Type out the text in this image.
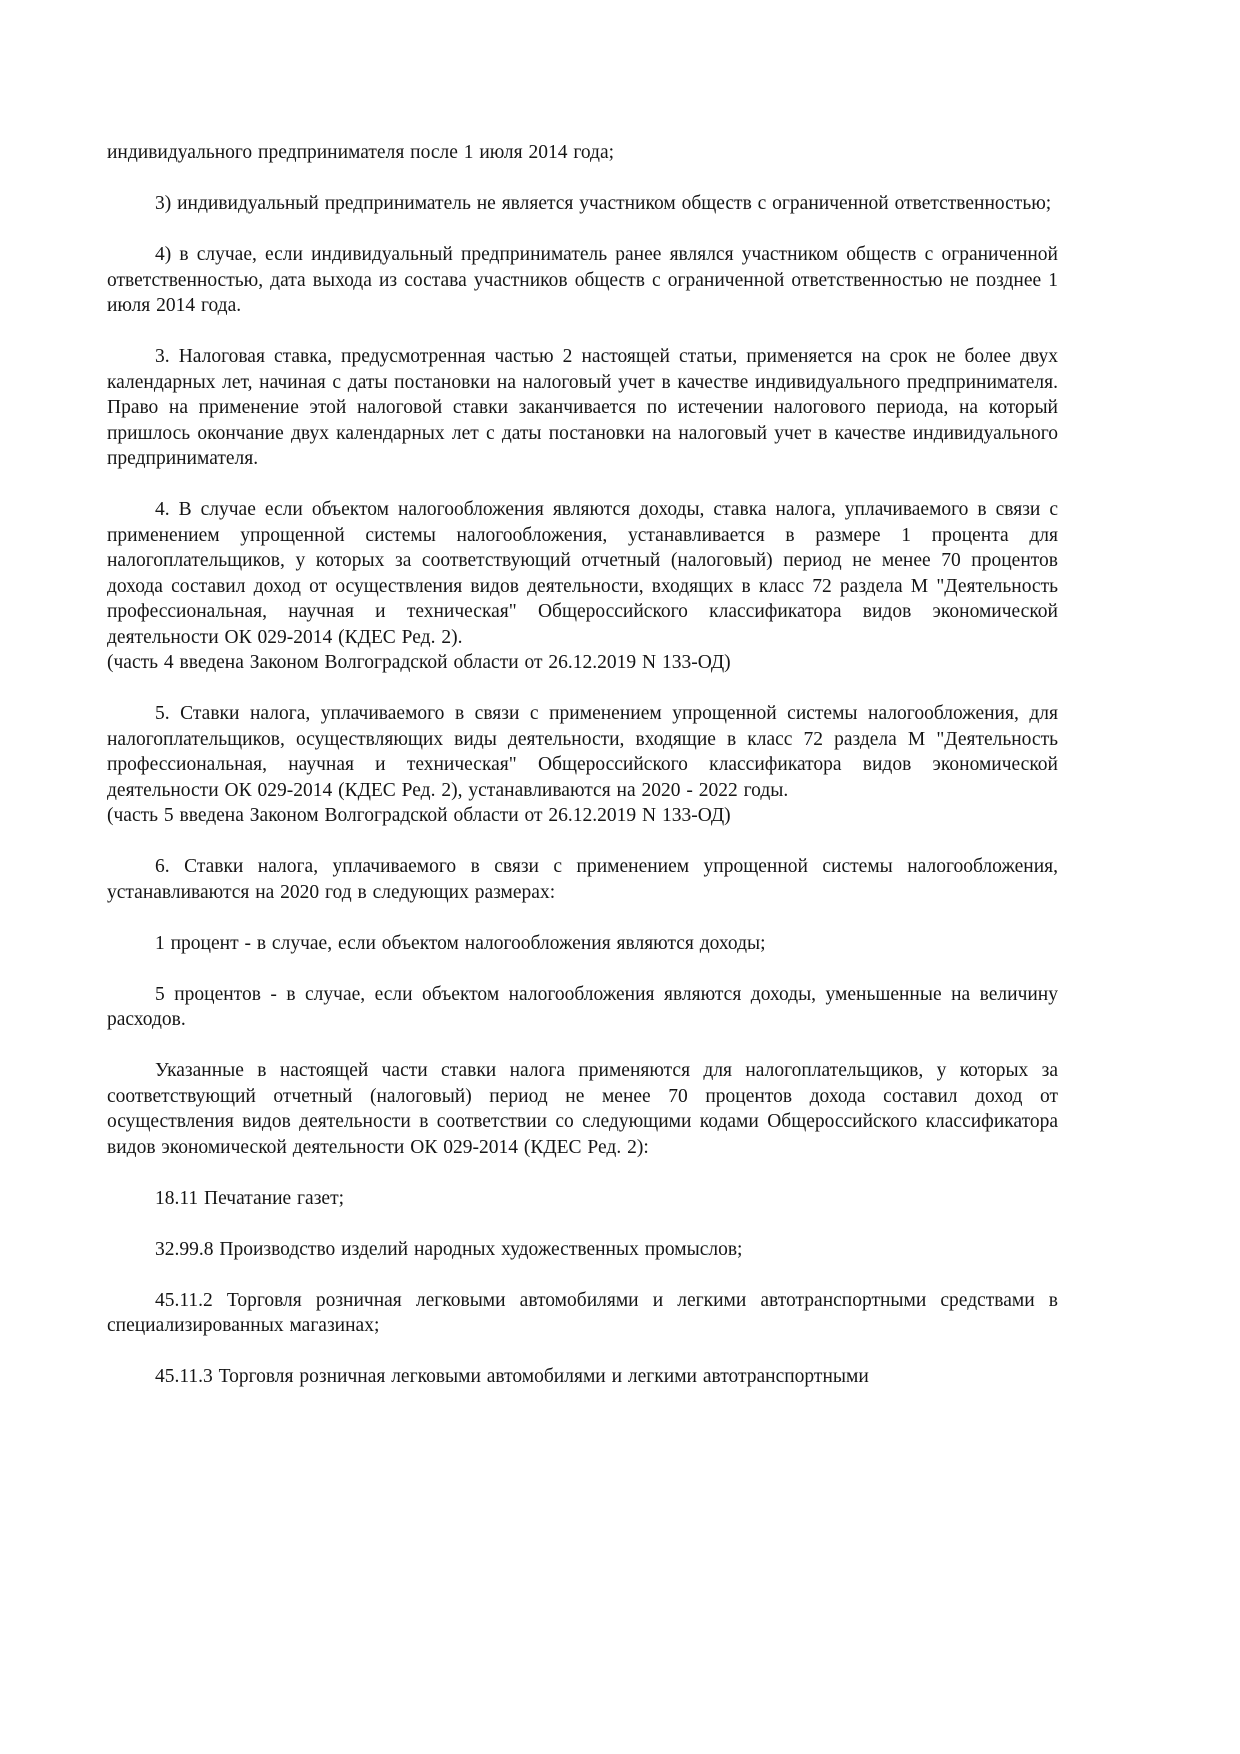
индивидуального предпринимателя после 1 июля 2014 года;

3) индивидуальный предприниматель не является участником обществ с ограниченной ответственностью;

4) в случае, если индивидуальный предприниматель ранее являлся участником обществ с ограниченной ответственностью, дата выхода из состава участников обществ с ограниченной ответственностью не позднее 1 июля 2014 года.

3. Налоговая ставка, предусмотренная частью 2 настоящей статьи, применяется на срок не более двух календарных лет, начиная с даты постановки на налоговый учет в качестве индивидуального предпринимателя. Право на применение этой налоговой ставки заканчивается по истечении налогового периода, на который пришлось окончание двух календарных лет с даты постановки на налоговый учет в качестве индивидуального предпринимателя.

4. В случае если объектом налогообложения являются доходы, ставка налога, уплачиваемого в связи с применением упрощенной системы налогообложения, устанавливается в размере 1 процента для налогоплательщиков, у которых за соответствующий отчетный (налоговый) период не менее 70 процентов дохода составил доход от осуществления видов деятельности, входящих в класс 72 раздела M "Деятельность профессиональная, научная и техническая" Общероссийского классификатора видов экономической деятельности ОК 029-2014 (КДЕС Ред. 2).

(часть 4 введена Законом Волгоградской области от 26.12.2019 N 133-ОД)

5. Ставки налога, уплачиваемого в связи с применением упрощенной системы налогообложения, для налогоплательщиков, осуществляющих виды деятельности, входящие в класс 72 раздела M "Деятельность профессиональная, научная и техническая" Общероссийского классификатора видов экономической деятельности ОК 029-2014 (КДЕС Ред. 2), устанавливаются на 2020 - 2022 годы.

(часть 5 введена Законом Волгоградской области от 26.12.2019 N 133-ОД)

6. Ставки налога, уплачиваемого в связи с применением упрощенной системы налогообложения, устанавливаются на 2020 год в следующих размерах:

1 процент - в случае, если объектом налогообложения являются доходы;

5 процентов - в случае, если объектом налогообложения являются доходы, уменьшенные на величину расходов.

Указанные в настоящей части ставки налога применяются для налогоплательщиков, у которых за соответствующий отчетный (налоговый) период не менее 70 процентов дохода составил доход от осуществления видов деятельности в соответствии со следующими кодами Общероссийского классификатора видов экономической деятельности ОК 029-2014 (КДЕС Ред. 2):

18.11 Печатание газет;

32.99.8 Производство изделий народных художественных промыслов;

45.11.2 Торговля розничная легковыми автомобилями и легкими автотранспортными средствами в специализированных магазинах;

45.11.3 Торговля розничная легковыми автомобилями и легкими автотранспортными
